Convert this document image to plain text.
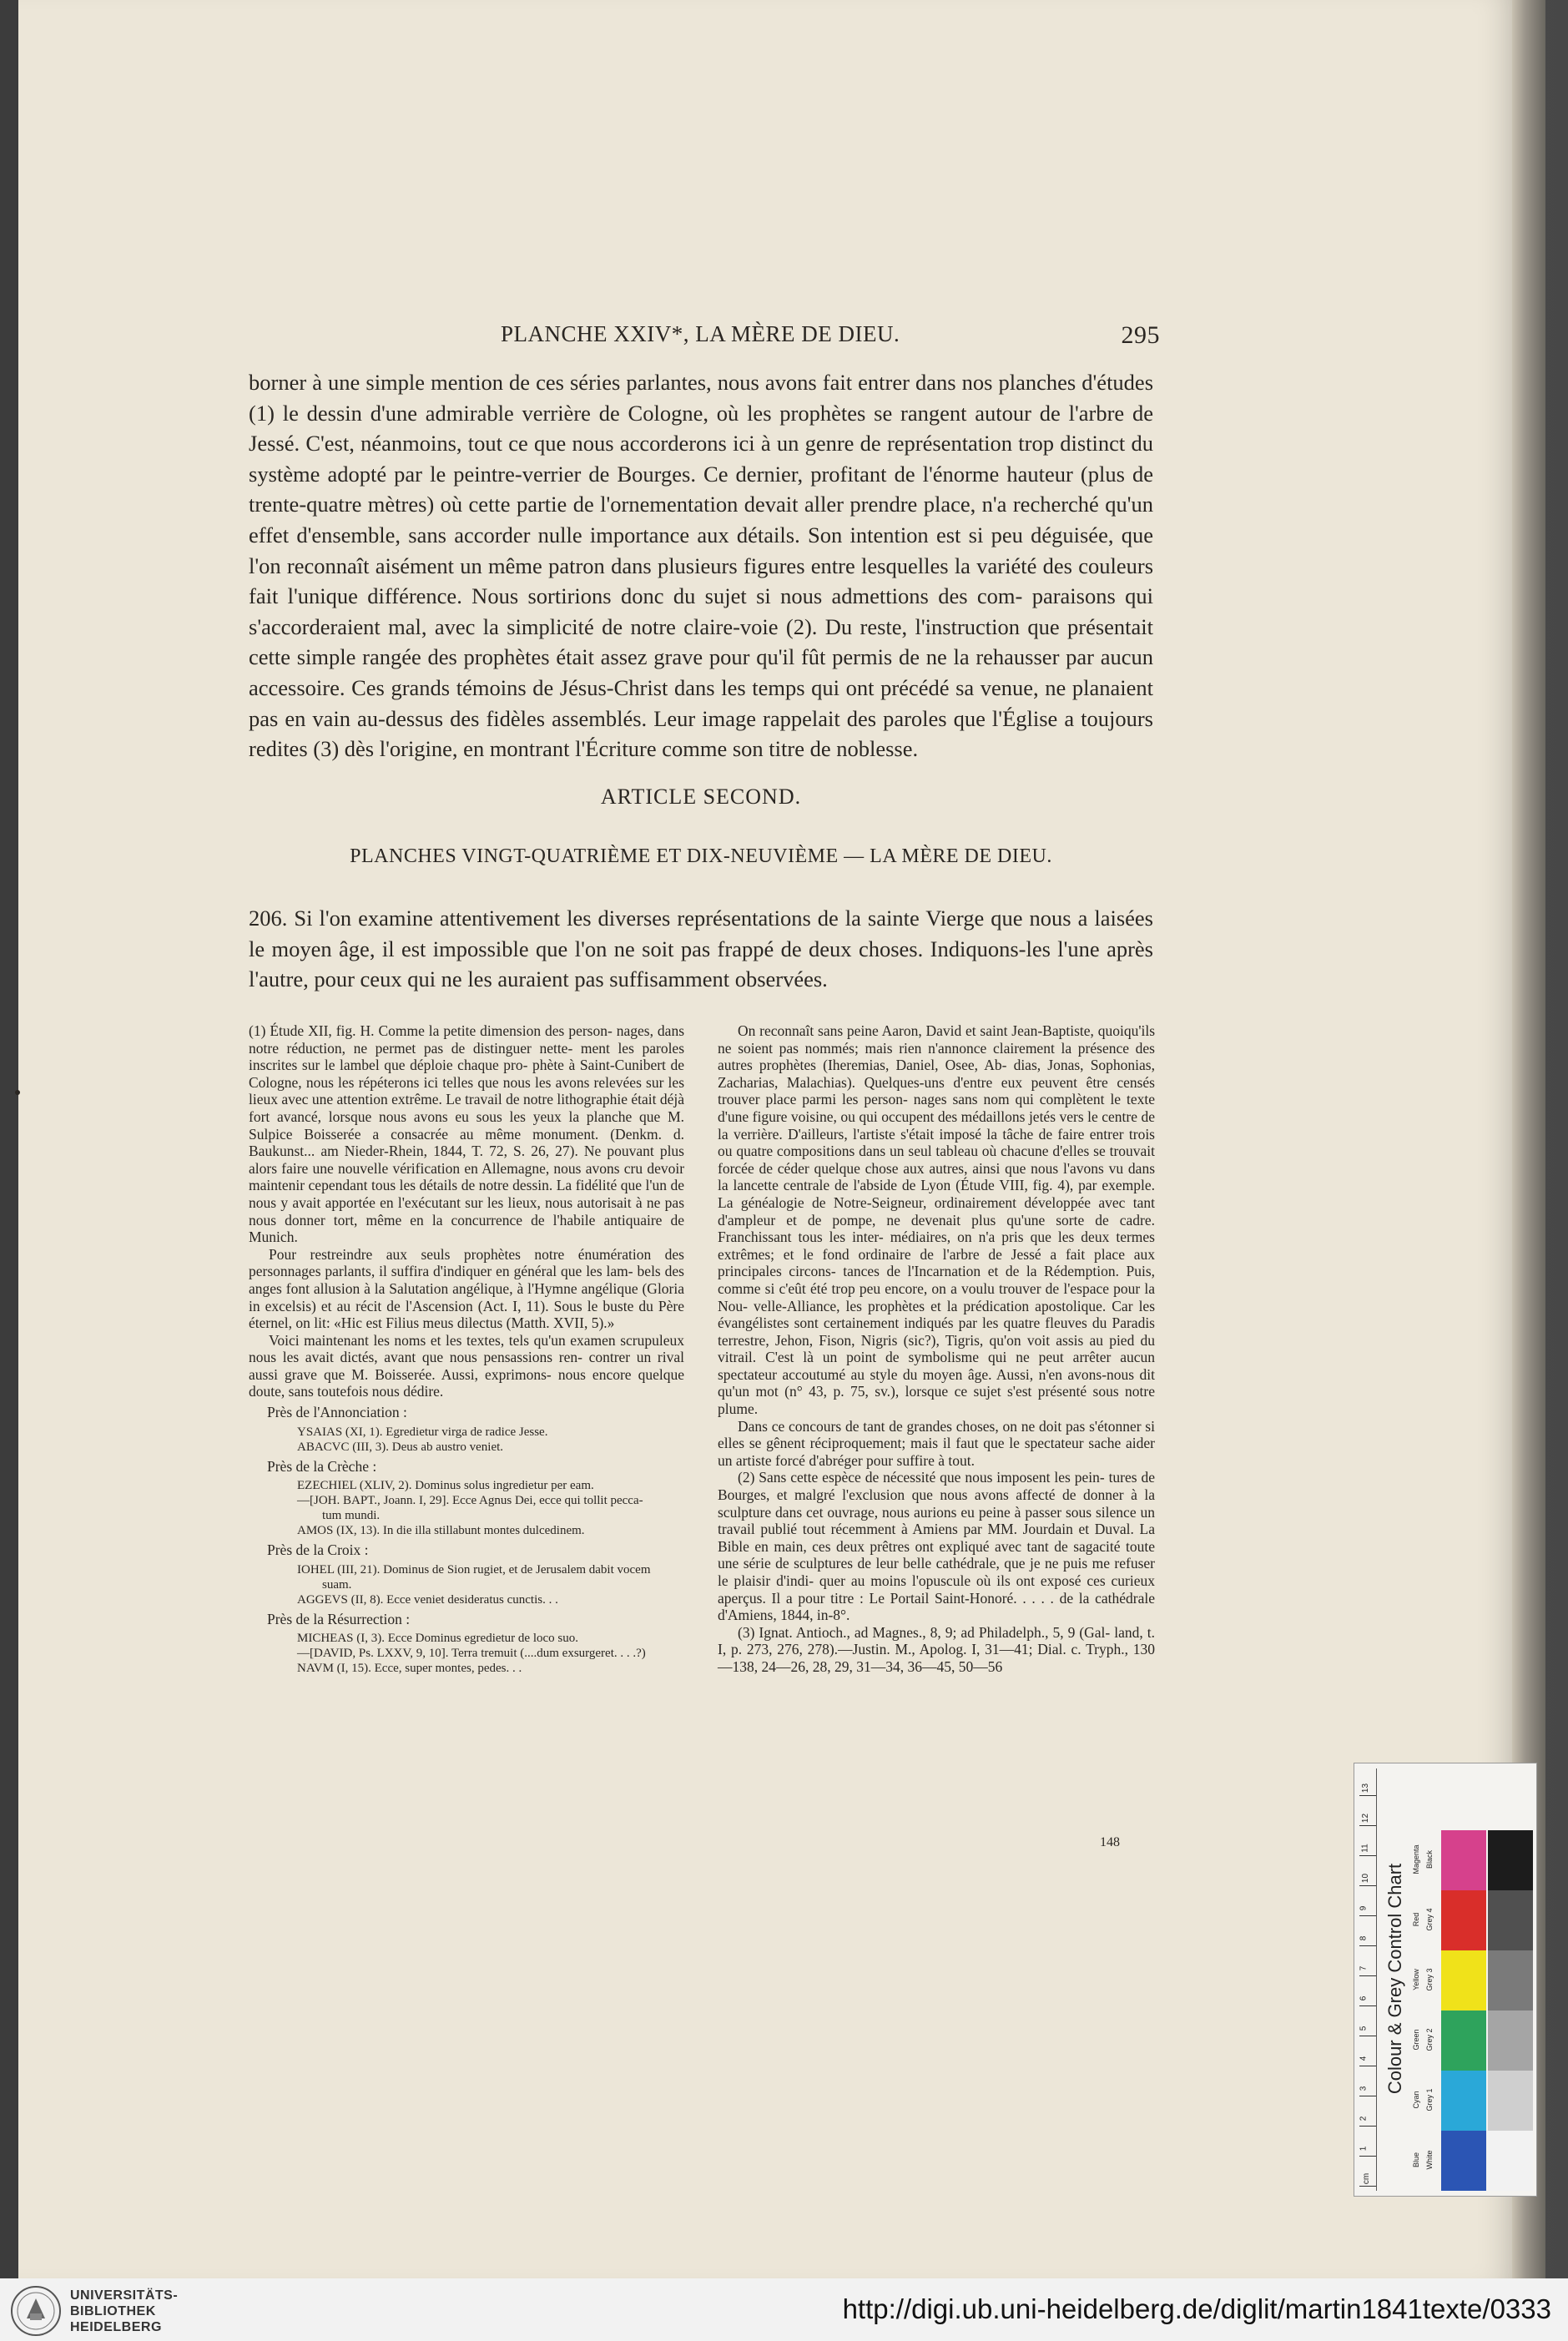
PLANCHE XXIV*, LA MÈRE DE DIEU.	295

borner à une simple mention de ces séries parlantes, nous avons fait entrer dans nos planches d'études (1) le dessin d'une admirable verrière de Cologne, où les prophètes se rangent autour de l'arbre de Jessé. C'est, néanmoins, tout ce que nous accorderons ici à un genre de représentation trop distinct du système adopté par le peintre-verrier de Bourges. Ce dernier, profitant de l'énorme hauteur (plus de trente-quatre mètres) où cette partie de l'ornementation devait aller prendre place, n'a recherché qu'un effet d'ensemble, sans accorder nulle importance aux détails. Son intention est si peu déguisée, que l'on reconnaît aisément un même patron dans plusieurs figures entre lesquelles la variété des couleurs fait l'unique différence. Nous sortirions donc du sujet si nous admettions des com- paraisons qui s'accorderaient mal, avec la simplicité de notre claire-voie (2). Du reste, l'instruction que présentait cette simple rangée des prophètes était assez grave pour qu'il fût permis de ne la rehausser par aucun accessoire. Ces grands témoins de Jésus-Christ dans les temps qui ont précédé sa venue, ne planaient pas en vain au-dessus des fidèles assemblés. Leur image rappelait des paroles que l'Église a toujours redites (3) dès l'origine, en montrant l'Écriture comme son titre de noblesse.

ARTICLE SECOND.
PLANCHES VINGT-QUATRIÈME ET DIX-NEUVIÈME — LA MÈRE DE DIEU.

206. Si l'on examine attentivement les diverses représentations de la sainte Vierge que nous a laisées le moyen âge, il est impossible que l'on ne soit pas frappé de deux choses. Indiquons-les l'une après l'autre, pour ceux qui ne les auraient pas suffisamment observées.

(1) Étude XII, fig. H. Comme la petite dimension des person- nages, dans notre réduction, ne permet pas de distinguer nette- ment les paroles inscrites sur le lambel que déploie chaque pro- phète à Saint-Cunibert de Cologne, nous les répéterons ici telles que nous les avons relevées sur les lieux avec une attention extrême. Le travail de notre lithographie était déjà fort avancé, lorsque nous avons eu sous les yeux la planche que M. Sulpice Boisserée a consacrée au même monument. (Denkm. d. Baukunst... am Nieder-Rhein, 1844, T. 72, S. 26, 27). Ne pouvant plus alors faire une nouvelle vérification en Allemagne, nous avons cru devoir maintenir cependant tous les détails de notre dessin. La fidélité que l'un de nous y avait apportée en l'exécutant sur les lieux, nous autorisait à ne pas nous donner tort, même en la concurrence de l'habile antiquaire de Munich.

Pour restreindre aux seuls prophètes notre énumération des personnages parlants, il suffira d'indiquer en général que les lam- bels des anges font allusion à la Salutation angélique, à l'Hymne angélique (Gloria in excelsis) et au récit de l'Ascension (Act. I, 11). Sous le buste du Père éternel, on lit: «Hic est Filius meus dilectus (Matth. XVII, 5).»

Voici maintenant les noms et les textes, tels qu'un examen scrupuleux nous les avait dictés, avant que nous pensassions ren- contrer un rival aussi grave que M. Boisserée. Aussi, exprimons- nous encore quelque doute, sans toutefois nous dédire.

Près de l'Annonciation :

YSAIAS (XI, 1). Egredietur virga de radice Jesse.

ABACVC (III, 3). Deus ab austro veniet.

Près de la Crèche :

EZECHIEL (XLIV, 2). Dominus solus ingredietur per eam.

—[JOH. BAPT., Joann. I, 29]. Ecce Agnus Dei, ecce qui tollit pecca-

tum mundi.

AMOS (IX, 13). In die illa stillabunt montes dulcedinem.

Près de la Croix :

IOHEL (III, 21). Dominus de Sion rugiet, et de Jerusalem dabit vocem

suam.

AGGEVS (II, 8). Ecce veniet desideratus cunctis. . .

Près de la Résurrection :

MICHEAS (I, 3). Ecce Dominus egredietur de loco suo.

—[DAVID, Ps. LXXV, 9, 10]. Terra tremuit (....dum exsurgeret. . . .?)

NAVM (I, 15). Ecce, super montes, pedes. . .

On reconnaît sans peine Aaron, David et saint Jean-Baptiste, quoiqu'ils ne soient pas nommés; mais rien n'annonce clairement la présence des autres prophètes (Iheremias, Daniel, Osee, Ab- dias, Jonas, Sophonias, Zacharias, Malachias). Quelques-uns d'entre eux peuvent être censés trouver place parmi les person- nages sans nom qui complètent le texte d'une figure voisine, ou qui occupent des médaillons jetés vers le centre de la verrière. D'ailleurs, l'artiste s'était imposé la tâche de faire entrer trois ou quatre compositions dans un seul tableau où chacune d'elles se trouvait forcée de céder quelque chose aux autres, ainsi que nous l'avons vu dans la lancette centrale de l'abside de Lyon (Étude VIII, fig. 4), par exemple. La généalogie de Notre-Seigneur, ordinairement développée avec tant d'ampleur et de pompe, ne devenait plus qu'une sorte de cadre. Franchissant tous les inter- médiaires, on n'a pris que les deux termes extrêmes; et le fond ordinaire de l'arbre de Jessé a fait place aux principales circons- tances de l'Incarnation et de la Rédemption. Puis, comme si c'eût été trop peu encore, on a voulu trouver de l'espace pour la Nou- velle-Alliance, les prophètes et la prédication apostolique. Car les évangélistes sont certainement indiqués par les quatre fleuves du Paradis terrestre, Jehon, Fison, Nigris (sic?), Tigris, qu'on voit assis au pied du vitrail. C'est là un point de symbolisme qui ne peut arrêter aucun spectateur accoutumé au style du moyen âge. Aussi, n'en avons-nous dit qu'un mot (n° 43, p. 75, sv.), lorsque ce sujet s'est présenté sous notre plume.

Dans ce concours de tant de grandes choses, on ne doit pas s'étonner si elles se gênent réciproquement; mais il faut que le spectateur sache aider un artiste forcé d'abréger pour suffire à tout.

(2) Sans cette espèce de nécessité que nous imposent les pein- tures de Bourges, et malgré l'exclusion que nous avons affecté de donner à la sculpture dans cet ouvrage, nous aurions eu peine à passer sous silence un travail publié tout récemment à Amiens par MM. Jourdain et Duval. La Bible en main, ces deux prêtres ont expliqué avec tant de sagacité toute une série de sculptures de leur belle cathédrale, que je ne puis me refuser le plaisir d'indi- quer au moins l'opuscule où ils ont exposé ces curieux aperçus. Il a pour titre : Le Portail Saint-Honoré. . . . . de la cathédrale d'Amiens, 1844, in-8°.

(3) Ignat. Antioch., ad Magnes., 8, 9; ad Philadelph., 5, 9 (Gal- land, t. I, p. 273, 276, 278).—Justin. M., Apolog. I, 31—41; Dial. c. Tryph., 130—138, 24—26, 28, 29, 31—34, 36—45, 50—56

148
cm
1
2
3
4
5
6
7
8
9
10
11
12
13
Colour & Grey Control Chart
Blue White
Cyan Grey 1
Green Grey 2
Yellow Grey 3
Red Grey 4
Magenta Black
UNIVERSITÄTS-
BIBLIOTHEK
HEIDELBERG
http://digi.ub.uni-heidelberg.de/diglit/martin1841texte/0333
